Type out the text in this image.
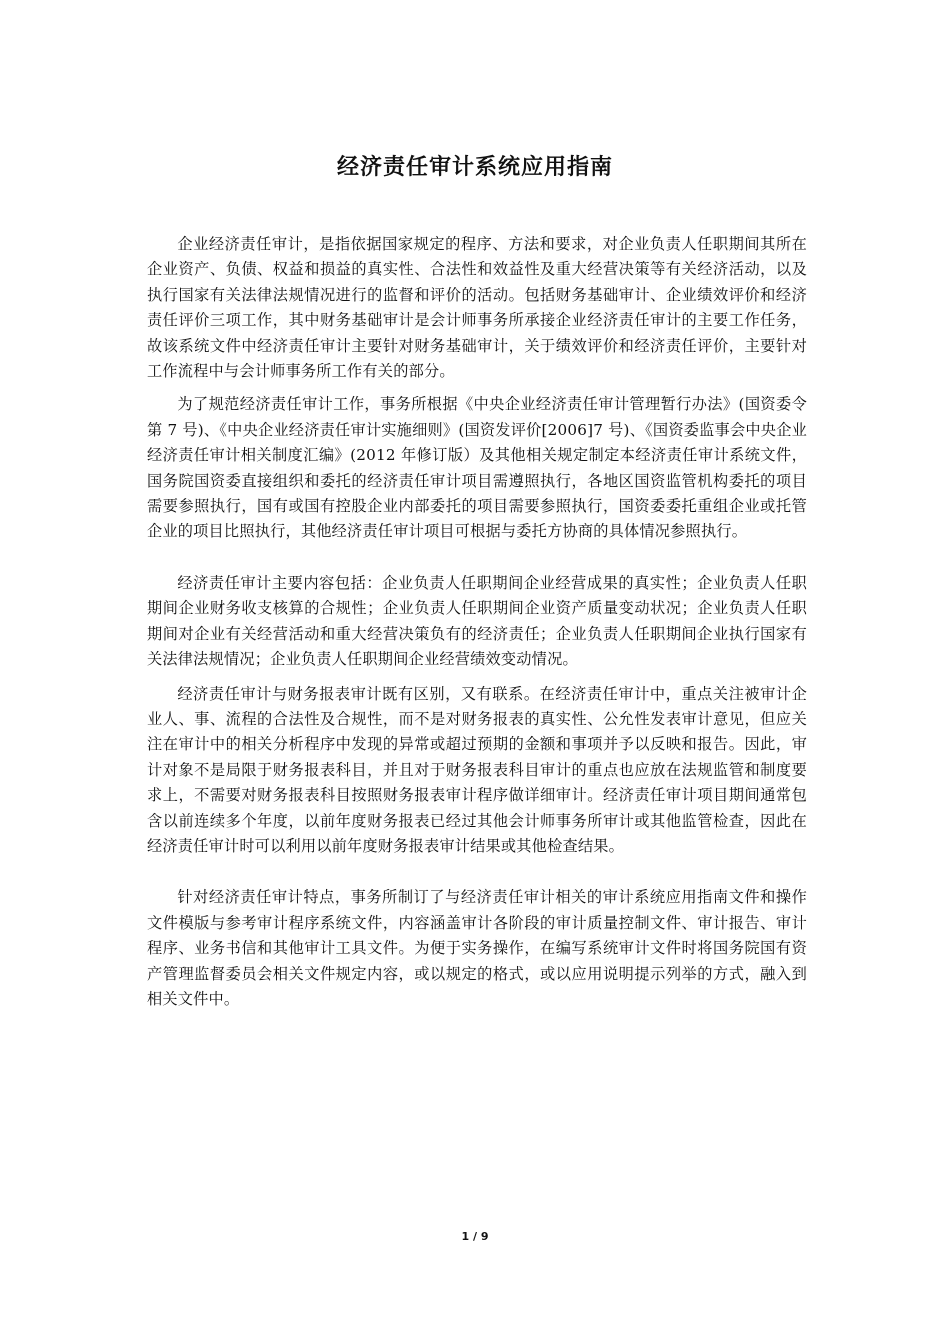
经济责任审计系统应用指南

企业经济责任审计，是指依据国家规定的程序、方法和要求，对企业负责人任职期间其所在企业资产、负债、权益和损益的真实性、合法性和效益性及重大经营决策等有关经济活动，以及执行国家有关法律法规情况进行的监督和评价的活动。包括财务基础审计、企业绩效评价和经济责任评价三项工作，其中财务基础审计是会计师事务所承接企业经济责任审计的主要工作任务，故该系统文件中经济责任审计主要针对财务基础审计，关于绩效评价和经济责任评价，主要针对工作流程中与会计师事务所工作有关的部分。

为了规范经济责任审计工作，事务所根据《中央企业经济责任审计管理暂行办法》(国资委令第 7 号)、《中央企业经济责任审计实施细则》(国资发评价[2006]7 号)、《国资委监事会中央企业经济责任审计相关制度汇编》(2012 年修订版）及其他相关规定制定本经济责任审计系统文件，国务院国资委直接组织和委托的经济责任审计项目需遵照执行，各地区国资监管机构委托的项目需要参照执行，国有或国有控股企业内部委托的项目需要参照执行，国资委委托重组企业或托管企业的项目比照执行，其他经济责任审计项目可根据与委托方协商的具体情况参照执行。

经济责任审计主要内容包括：企业负责人任职期间企业经营成果的真实性；企业负责人任职期间企业财务收支核算的合规性；企业负责人任职期间企业资产质量变动状况；企业负责人任职期间对企业有关经营活动和重大经营决策负有的经济责任；企业负责人任职期间企业执行国家有关法律法规情况；企业负责人任职期间企业经营绩效变动情况。

经济责任审计与财务报表审计既有区别，又有联系。在经济责任审计中，重点关注被审计企业人、事、流程的合法性及合规性，而不是对财务报表的真实性、公允性发表审计意见，但应关注在审计中的相关分析程序中发现的异常或超过预期的金额和事项并予以反映和报告。因此，审计对象不是局限于财务报表科目，并且对于财务报表科目审计的重点也应放在法规监管和制度要求上，不需要对财务报表科目按照财务报表审计程序做详细审计。经济责任审计项目期间通常包含以前连续多个年度，以前年度财务报表已经过其他会计师事务所审计或其他监管检查，因此在经济责任审计时可以利用以前年度财务报表审计结果或其他检查结果。

针对经济责任审计特点，事务所制订了与经济责任审计相关的审计系统应用指南文件和操作文件模版与参考审计程序系统文件，内容涵盖审计各阶段的审计质量控制文件、审计报告、审计程序、业务书信和其他审计工具文件。为便于实务操作，在编写系统审计文件时将国务院国有资产管理监督委员会相关文件规定内容，或以规定的格式，或以应用说明提示列举的方式，融入到相关文件中。

1 / 9
